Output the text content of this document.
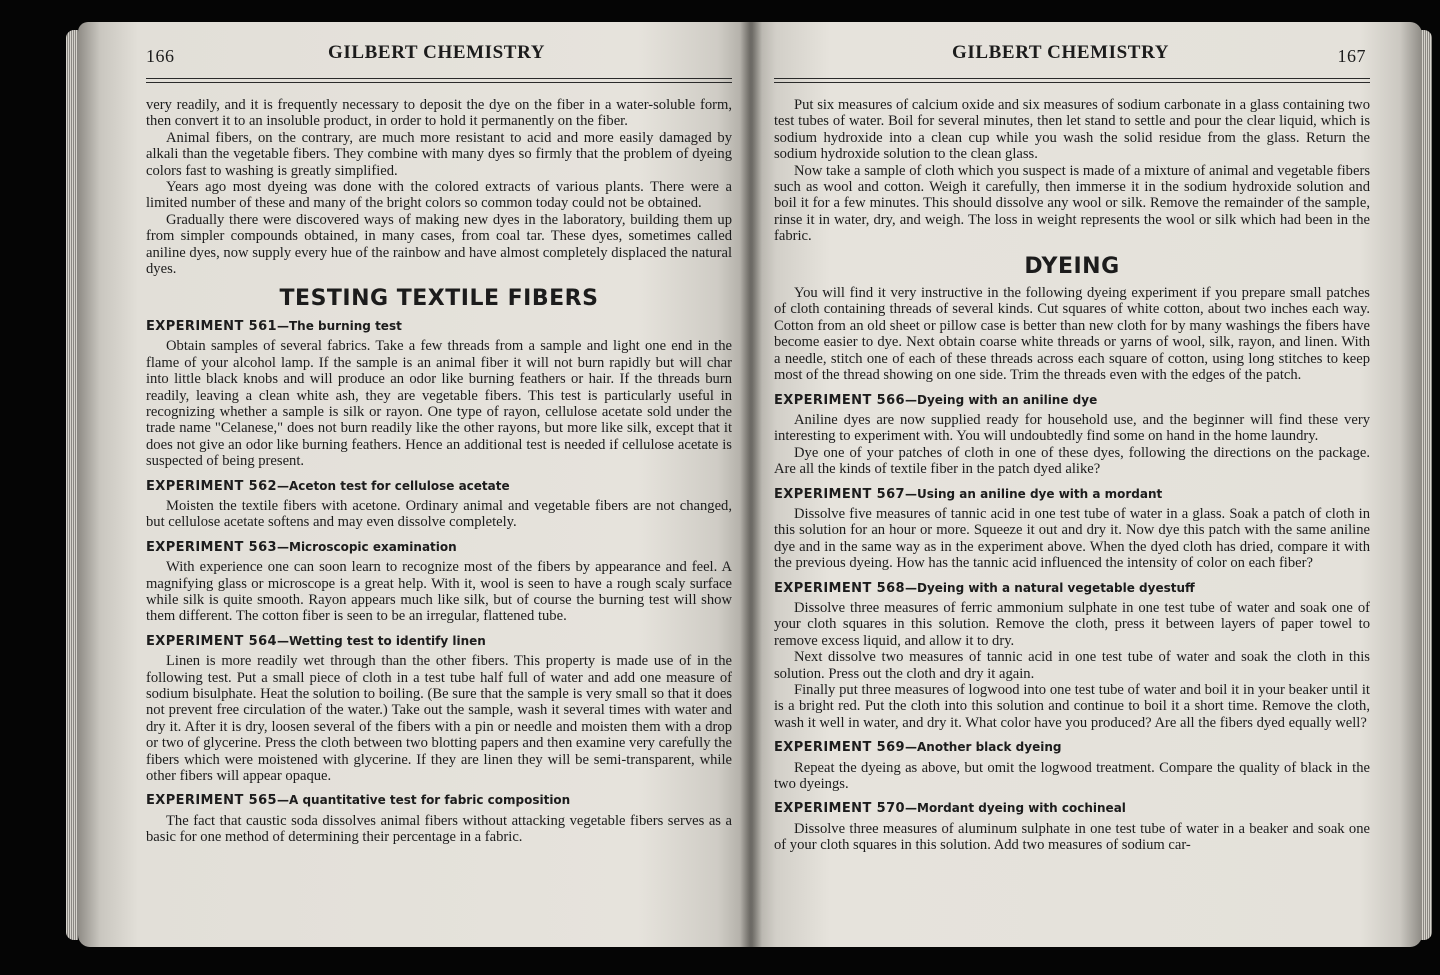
166	GILBERT CHEMISTRY

very readily, and it is frequently necessary to deposit the dye on the fiber in a water-soluble form, then convert it to an insoluble product, in order to hold it permanently on the fiber.

Animal fibers, on the contrary, are much more resistant to acid and more easily damaged by alkali than the vegetable fibers. They combine with many dyes so firmly that the problem of dyeing colors fast to washing is greatly simplified.

Years ago most dyeing was done with the colored extracts of various plants. There were a limited number of these and many of the bright colors so common today could not be obtained.

Gradually there were discovered ways of making new dyes in the laboratory, building them up from simpler compounds obtained, in many cases, from coal tar. These dyes, sometimes called aniline dyes, now supply every hue of the rainbow and have almost completely displaced the natural dyes.

TESTING TEXTILE FIBERS
EXPERIMENT 561—The burning test

Obtain samples of several fabrics. Take a few threads from a sample and light one end in the flame of your alcohol lamp. If the sample is an animal fiber it will not burn rapidly but will char into little black knobs and will produce an odor like burning feathers or hair. If the threads burn readily, leaving a clean white ash, they are vegetable fibers. This test is particularly useful in recognizing whether a sample is silk or rayon. One type of rayon, cellulose acetate sold under the trade name "Celanese," does not burn readily like the other rayons, but more like silk, except that it does not give an odor like burning feathers. Hence an additional test is needed if cellulose acetate is suspected of being present.

EXPERIMENT 562—Aceton test for cellulose acetate

Moisten the textile fibers with acetone. Ordinary animal and vegetable fibers are not changed, but cellulose acetate softens and may even dissolve completely.

EXPERIMENT 563—Microscopic examination

With experience one can soon learn to recognize most of the fibers by appearance and feel. A magnifying glass or microscope is a great help. With it, wool is seen to have a rough scaly surface while silk is quite smooth. Rayon appears much like silk, but of course the burning test will show them different. The cotton fiber is seen to be an irregular, flattened tube.

EXPERIMENT 564—Wetting test to identify linen

Linen is more readily wet through than the other fibers. This property is made use of in the following test. Put a small piece of cloth in a test tube half full of water and add one measure of sodium bisulphate. Heat the solution to boiling. (Be sure that the sample is very small so that it does not prevent free circulation of the water.) Take out the sample, wash it several times with water and dry it. After it is dry, loosen several of the fibers with a pin or needle and moisten them with a drop or two of glycerine. Press the cloth between two blotting papers and then examine very carefully the fibers which were moistened with glycerine. If they are linen they will be semi-transparent, while other fibers will appear opaque.

EXPERIMENT 565—A quantitative test for fabric composition

The fact that caustic soda dissolves animal fibers without attacking vegetable fibers serves as a basic for one method of determining their percentage in a fabric.

GILBERT CHEMISTRY	167

Put six measures of calcium oxide and six measures of sodium carbonate in a glass containing two test tubes of water. Boil for several minutes, then let stand to settle and pour the clear liquid, which is sodium hydroxide into a clean cup while you wash the solid residue from the glass. Return the sodium hydroxide solution to the clean glass.

Now take a sample of cloth which you suspect is made of a mixture of animal and vegetable fibers such as wool and cotton. Weigh it carefully, then immerse it in the sodium hydroxide solution and boil it for a few minutes. This should dissolve any wool or silk. Remove the remainder of the sample, rinse it in water, dry, and weigh. The loss in weight represents the wool or silk which had been in the fabric.

DYEING

You will find it very instructive in the following dyeing experiment if you prepare small patches of cloth containing threads of several kinds. Cut squares of white cotton, about two inches each way. Cotton from an old sheet or pillow case is better than new cloth for by many washings the fibers have become easier to dye. Next obtain coarse white threads or yarns of wool, silk, rayon, and linen. With a needle, stitch one of each of these threads across each square of cotton, using long stitches to keep most of the thread showing on one side. Trim the threads even with the edges of the patch.

EXPERIMENT 566—Dyeing with an aniline dye

Aniline dyes are now supplied ready for household use, and the beginner will find these very interesting to experiment with. You will undoubtedly find some on hand in the home laundry.

Dye one of your patches of cloth in one of these dyes, following the directions on the package. Are all the kinds of textile fiber in the patch dyed alike?

EXPERIMENT 567—Using an aniline dye with a mordant

Dissolve five measures of tannic acid in one test tube of water in a glass. Soak a patch of cloth in this solution for an hour or more. Squeeze it out and dry it. Now dye this patch with the same aniline dye and in the same way as in the experiment above. When the dyed cloth has dried, compare it with the previous dyeing. How has the tannic acid influenced the intensity of color on each fiber?

EXPERIMENT 568—Dyeing with a natural vegetable dyestuff

Dissolve three measures of ferric ammonium sulphate in one test tube of water and soak one of your cloth squares in this solution. Remove the cloth, press it between layers of paper towel to remove excess liquid, and allow it to dry.

Next dissolve two measures of tannic acid in one test tube of water and soak the cloth in this solution. Press out the cloth and dry it again.

Finally put three measures of logwood into one test tube of water and boil it in your beaker until it is a bright red. Put the cloth into this solution and continue to boil it a short time. Remove the cloth, wash it well in water, and dry it. What color have you produced? Are all the fibers dyed equally well?

EXPERIMENT 569—Another black dyeing

Repeat the dyeing as above, but omit the logwood treatment. Compare the quality of black in the two dyeings.

EXPERIMENT 570—Mordant dyeing with cochineal

Dissolve three measures of aluminum sulphate in one test tube of water in a beaker and soak one of your cloth squares in this solution. Add two measures of sodium car-
